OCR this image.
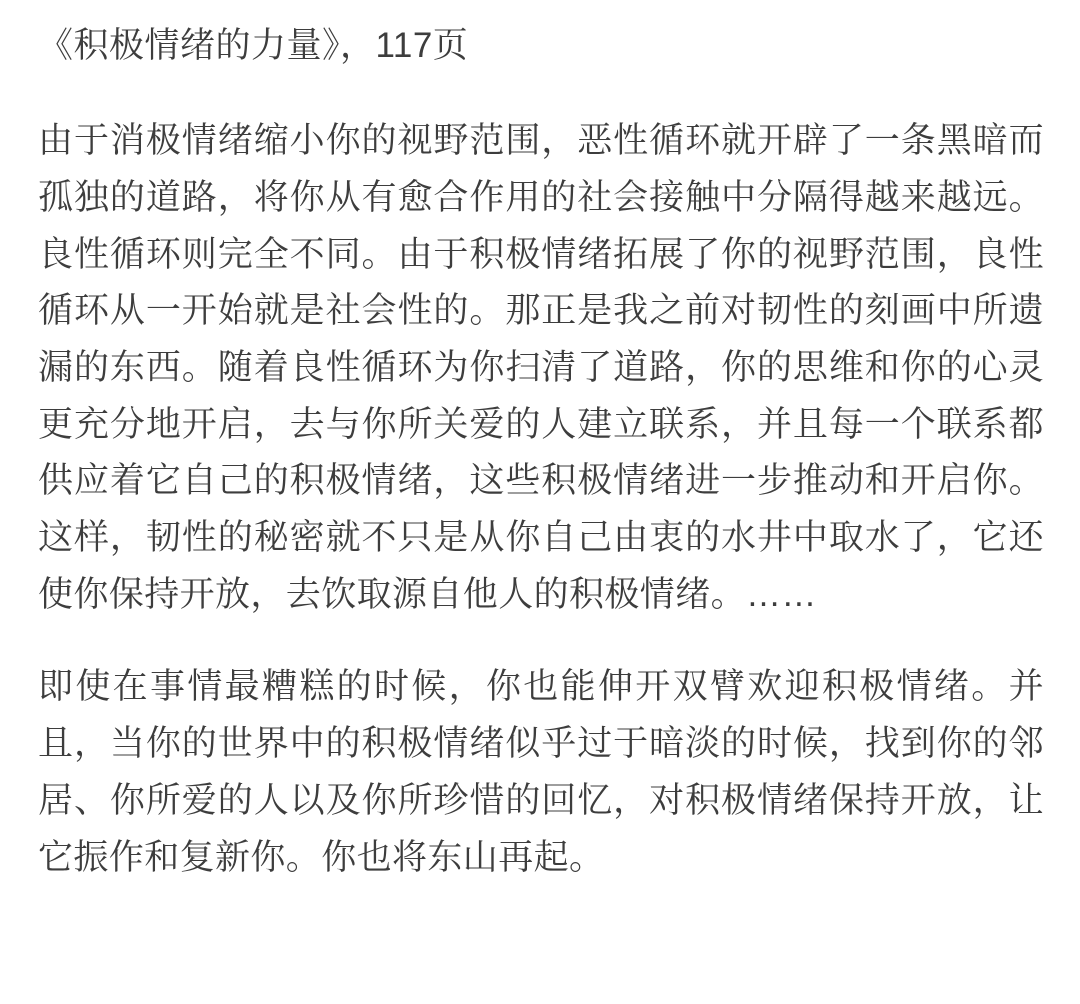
《积极情绪的力量》，117页

由于消极情绪缩小你的视野范围，恶性循环就开辟了一条黑暗而孤独的道路，将你从有愈合作用的社会接触中分隔得越来越远。良性循环则完全不同。由于积极情绪拓展了你的视野范围，良性循环从一开始就是社会性的。那正是我之前对韧性的刻画中所遗漏的东西。随着良性循环为你扫清了道路，你的思维和你的心灵更充分地开启，去与你所关爱的人建立联系，并且每一个联系都供应着它自己的积极情绪，这些积极情绪进一步推动和开启你。这样，韧性的秘密就不只是从你自己由衷的水井中取水了，它还使你保持开放，去饮取源自他人的积极情绪。……

即使在事情最糟糕的时候，你也能伸开双臂欢迎积极情绪。并且，当你的世界中的积极情绪似乎过于暗淡的时候，找到你的邻居、你所爱的人以及你所珍惜的回忆，对积极情绪保持开放，让它振作和复新你。你也将东山再起。
